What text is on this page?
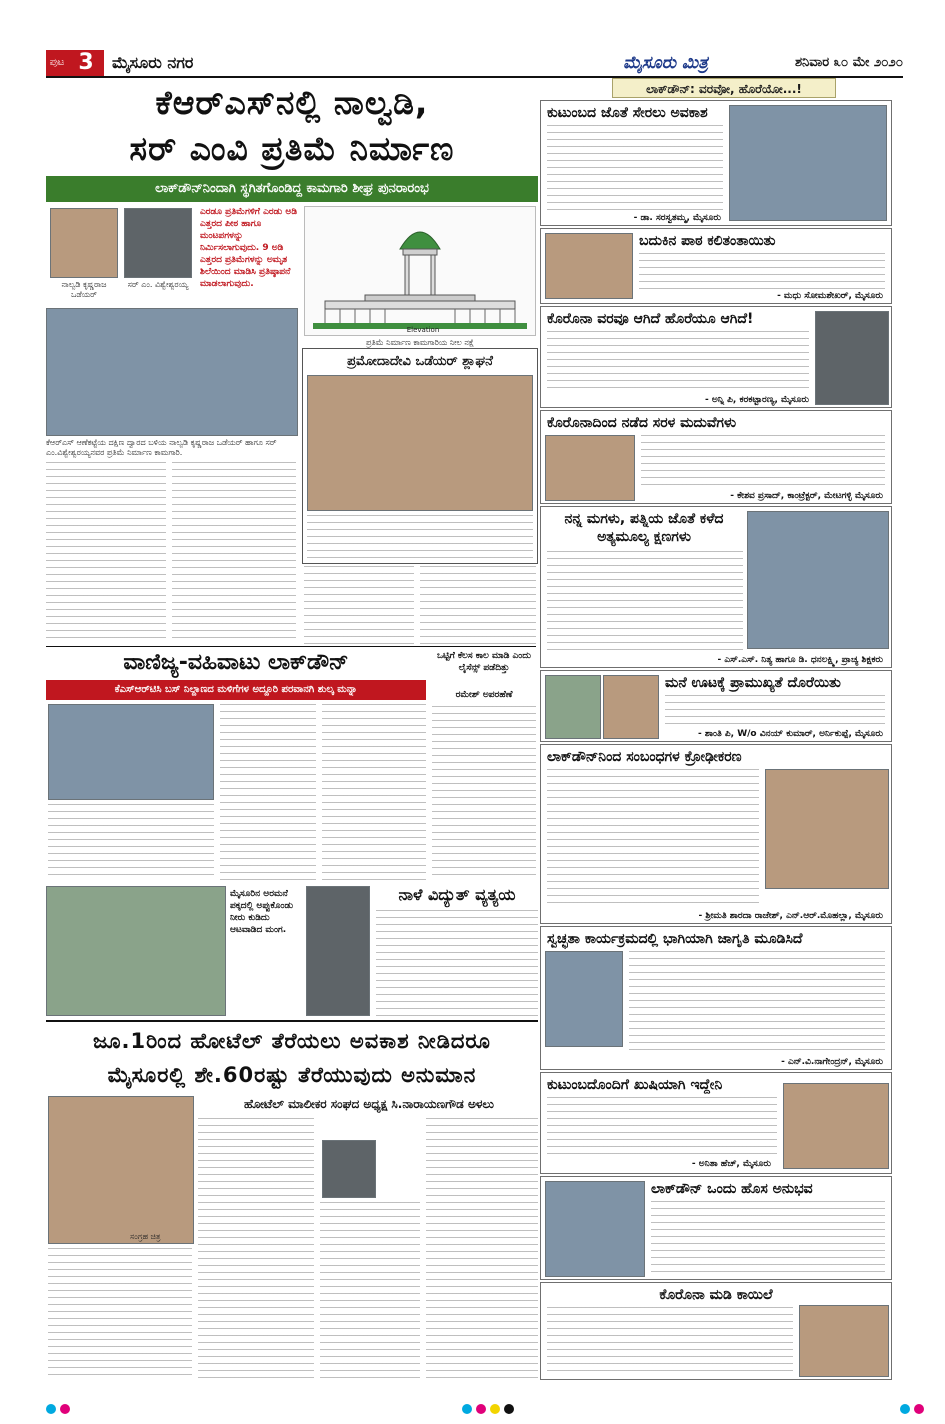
ಪುಟ 3	ಮೈಸೂರು ನಗರ	ಮೈಸೂರು ಮಿತ್ರ	ಶನಿವಾರ ೩೦ ಮೇ ೨೦೨೦
ಕೆಆರ್‌ಎಸ್‌ನಲ್ಲಿ ನಾಲ್ವಡಿ,
ಸರ್ ಎಂವಿ ಪ್ರತಿಮೆ ನಿರ್ಮಾಣ
ಲಾಕ್‌ಡೌನ್‌ನಿಂದಾಗಿ ಸ್ಥಗಿತಗೊಂಡಿದ್ದ ಕಾಮಗಾರಿ ಶೀಘ್ರ ಪುನರಾರಂಭ
ನಾಲ್ವಡಿ ಕೃಷ್ಣರಾಜ ಒಡೆಯರ್
ಸರ್ ಎಂ. ವಿಶ್ವೇಶ್ವರಯ್ಯ
ಎರಡೂ ಪ್ರತಿಮೆಗಳಿಗೆ ಎರಡು ಅಡಿ ಎತ್ತರದ ಪೀಠ ಹಾಗೂ ಮಂಟಪಗಳನ್ನು ನಿರ್ಮಿಸಲಾಗುವುದು. 9 ಅಡಿ ಎತ್ತರದ ಪ್ರತಿಮೆಗಳನ್ನು ಅಮೃತ ಶಿಲೆಯಿಂದ ಮಾಡಿಸಿ ಪ್ರತಿಷ್ಠಾಪನೆ ಮಾಡಲಾಗುವುದು.
Elevation
ಪ್ರತಿಮೆ ನಿರ್ಮಾಣ ಕಾಮಗಾರಿಯ ನೀಲ ನಕ್ಷೆ
ಕೆಆರ್‌ಎಸ್ ಆಣೆಕಟ್ಟೆಯ ದಕ್ಷಿಣ ದ್ವಾರದ ಬಳಿಯ ನಾಲ್ವಡಿ ಕೃಷ್ಣರಾಜ ಒಡೆಯರ್ ಹಾಗೂ ಸರ್ ಎಂ.ವಿಶ್ವೇಶ್ವರಯ್ಯನವರ ಪ್ರತಿಮೆ ನಿರ್ಮಾಣ ಕಾಮಗಾರಿ.
ಪ್ರಮೋದಾದೇವಿ ಒಡೆಯರ್ ಶ್ಲಾಘನೆ
ವಾಣಿಜ್ಯ-ವಹಿವಾಟು ಲಾಕ್‌ಡೌನ್
ಕೆಎಸ್‌ಆರ್‌ಟಿಸಿ ಬಸ್ ನಿಲ್ದಾಣದ ಮಳಿಗೆಗಳ ಅದ್ದೂರಿ ಪರವಾನಗಿ ಶುಲ್ಕ ಮನ್ನಾ
ಒಟ್ಟಿಗೆ ಕೆಲಸ ಕಾಲ ಮಾಡಿ ಎಂದು ಲೈಸೆನ್ಸ್ ಪಡೆದಿತ್ತು
ರಮೇಶ್ ಅಪರಹೆಣೆ
ಮೈಸೂರಿನ ಅರಮನೆ ಪಕ್ಕದಲ್ಲಿ ಅಪ್ಪುಕೊಂಡು ನೀರು ಕುಡಿದು ಆಟವಾಡಿದ ಮಂಗ.
ನಾಳೆ ವಿದ್ಯುತ್ ವ್ಯತ್ಯಯ
ಜೂ.1ರಿಂದ ಹೋಟೆಲ್ ತೆರೆಯಲು ಅವಕಾಶ ನೀಡಿದರೂ
ಮೈಸೂರಲ್ಲಿ ಶೇ.60ರಷ್ಟು ತೆರೆಯುವುದು ಅನುಮಾನ
ಹೋಟೆಲ್ ಮಾಲೀಕರ ಸಂಘದ ಅಧ್ಯಕ್ಷ ಸಿ.ನಾರಾಯಣಗೌಡ ಅಳಲು
ಸಂಗ್ರಹ ಚಿತ್ರ
ಲಾಕ್‌ಡೌನ್: ವರವೋ, ಹೊರೆಯೋ...!
ಕುಟುಂಬದ ಜೊತೆ ಸೇರಲು ಅವಕಾಶ
- ಡಾ. ಸರಸ್ವತಮ್ಮ, ಮೈಸೂರು
ಬದುಕಿನ ಪಾಠ ಕಲಿತಂತಾಯಿತು
- ಮಧು ಸೋಮಶೇಖರ್, ಮೈಸೂರು
ಕೊರೊನಾ ವರವೂ ಆಗಿದೆ ಹೊರೆಯೂ ಆಗಿದೆ!
- ಅನ್ನಿ ಪಿ, ಕರಕಟ್ಟಾರಣ್ಯ, ಮೈಸೂರು
ಕೊರೊನಾದಿಂದ ನಡೆದ ಸರಳ ಮದುವೆಗಳು
- ಕೇಶವ ಪ್ರಸಾದ್, ಕಾಂಟ್ರೆಕ್ಟರ್, ಮೇಟಗಳ್ಳಿ ಮೈಸೂರು
ನನ್ನ ಮಗಳು, ಪತ್ನಿಯ ಜೊತೆ ಕಳೆದ ಅತ್ಯಮೂಲ್ಯ ಕ್ಷಣಗಳು
- ಎಸ್.ಎಸ್. ನಿತ್ಯ ಹಾಗೂ ಡಿ. ಧನಲಕ್ಷ್ಮಿ, ಪ್ರಾಚ್ಯ ಶಿಕ್ಷಕರು
ಮನೆ ಊಟಕ್ಕೆ ಪ್ರಾಮುಖ್ಯತೆ ದೊರೆಯಿತು
- ಶಾಂತಿ ಪಿ, W/o ವಿನಯ್ ಕುಮಾರ್, ಅರ್ನಿಕುಪ್ಪೆ, ಮೈಸೂರು
ಲಾಕ್‌ಡೌನ್‌ನಿಂದ ಸಂಬಂಧಗಳ ಕ್ರೋಢೀಕರಣ
- ಶ್ರೀಮತಿ ಶಾರದಾ ರಾಜೇಶ್, ಎನ್.ಆರ್.ಮೊಹಲ್ಲಾ, ಮೈಸೂರು
ಸ್ವಚ್ಛತಾ ಕಾರ್ಯಕ್ರಮದಲ್ಲಿ ಭಾಗಿಯಾಗಿ ಜಾಗೃತಿ ಮೂಡಿಸಿದೆ
- ಎನ್.ವಿ.ನಾಗೇಂದ್ರನ್, ಮೈಸೂರು
ಕುಟುಂಬದೊಂದಿಗೆ ಖುಷಿಯಾಗಿ ಇದ್ದೇನಿ
- ಅನಿತಾ ಹೆಚ್, ಮೈಸೂರು
ಲಾಕ್‌ಡೌನ್ ಒಂದು ಹೊಸ ಅನುಭವ
ಕೊರೊನಾ ಮಡಿ ಕಾಯಿಲೆ
